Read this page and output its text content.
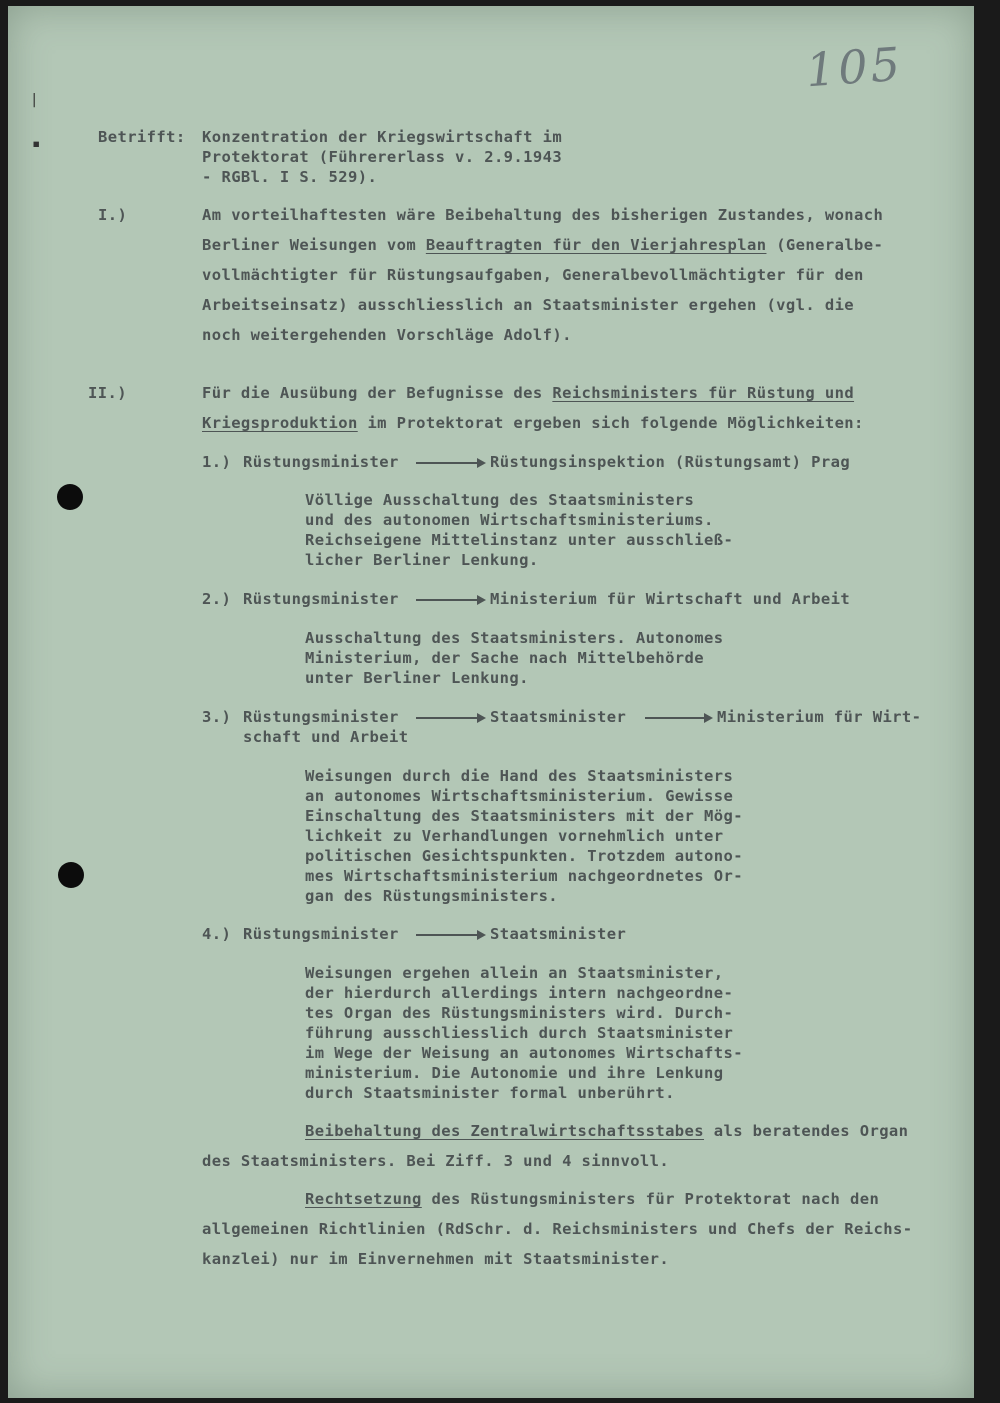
105
|
▪	Betrifft: Konzentration der Kriegswirtschaft im
Protektorat (Führererlass v. 2.9.1943
- RGBl. I S. 529).
I.)	Am vorteilhaftesten wäre Beibehaltung des bisherigen Zustandes, wonach
Berliner Weisungen vom Beauftragten für den Vierjahresplan (Generalbe-
vollmächtigter für Rüstungsaufgaben, Generalbevollmächtigter für den
Arbeitseinsatz) ausschliesslich an Staatsminister ergehen (vgl. die
noch weitergehenden Vorschläge Adolf).
II.)	Für die Ausübung der Befugnisse des Reichsministers für Rüstung und
Kriegsproduktion im Protektorat ergeben sich folgende Möglichkeiten:
1.) Rüstungsminister	Rüstungsinspektion (Rüstungsamt) Prag
Völlige Ausschaltung des Staatsministers
und des autonomen Wirtschaftsministeriums.
Reichseigene Mittelinstanz unter ausschließ-
licher Berliner Lenkung.
2.) Rüstungsminister	Ministerium für Wirtschaft und Arbeit
Ausschaltung des Staatsministers. Autonomes
Ministerium, der Sache nach Mittelbehörde
unter Berliner Lenkung.
3.) Rüstungsminister	Staatsminister	Ministerium für Wirt-
schaft und Arbeit
Weisungen durch die Hand des Staatsministers
an autonomes Wirtschaftsministerium. Gewisse
Einschaltung des Staatsministers mit der Mög-
lichkeit zu Verhandlungen vornehmlich unter
politischen Gesichtspunkten. Trotzdem autono-
mes Wirtschaftsministerium nachgeordnetes Or-
gan des Rüstungsministers.
4.) Rüstungsminister	Staatsminister
Weisungen ergehen allein an Staatsminister,
der hierdurch allerdings intern nachgeordne-
tes Organ des Rüstungsministers wird. Durch-
führung ausschliesslich durch Staatsminister
im Wege der Weisung an autonomes Wirtschafts-
ministerium. Die Autonomie und ihre Lenkung
durch Staatsminister formal unberührt.
Beibehaltung des Zentralwirtschaftsstabes als beratendes Organ
des Staatsministers. Bei Ziff. 3 und 4 sinnvoll.
Rechtsetzung des Rüstungsministers für Protektorat nach den
allgemeinen Richtlinien (RdSchr. d. Reichsministers und Chefs der Reichs-
kanzlei) nur im Einvernehmen mit Staatsminister.
